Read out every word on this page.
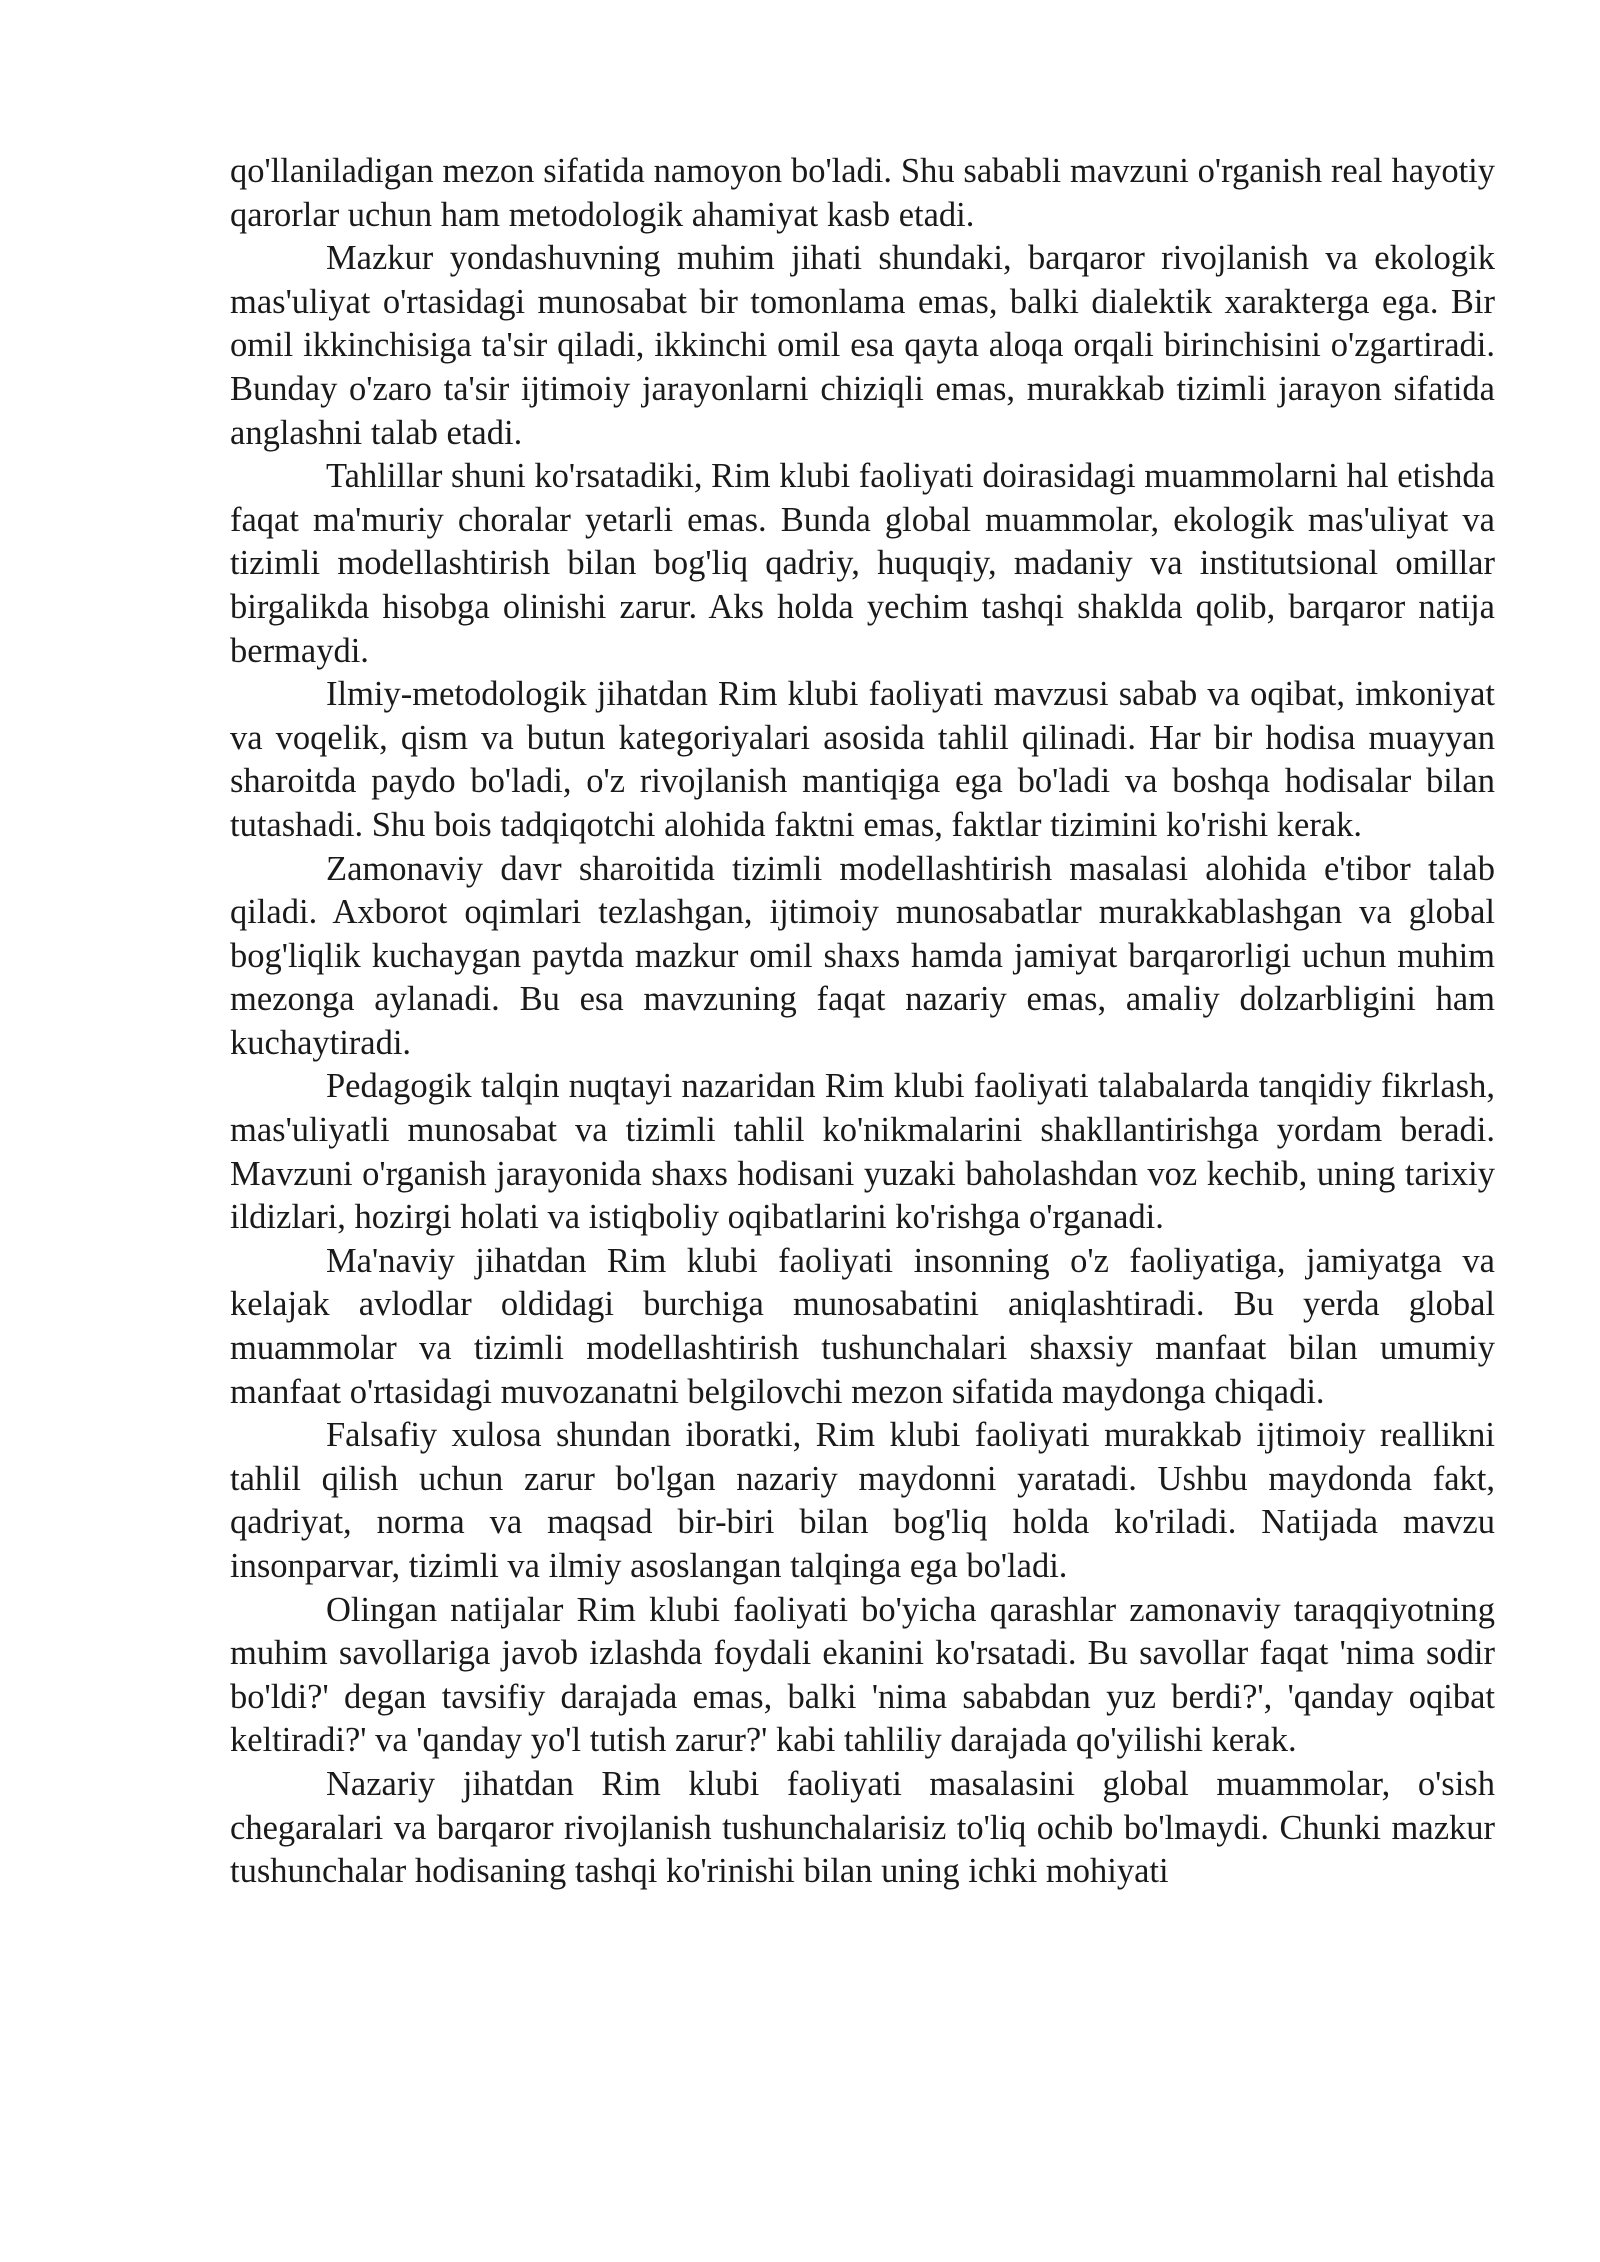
qo'llaniladigan mezon sifatida namoyon bo'ladi. Shu sababli mavzuni o'rganish real hayotiy qarorlar uchun ham metodologik ahamiyat kasb etadi.

Mazkur yondashuvning muhim jihati shundaki, barqaror rivojlanish va ekologik mas'uliyat o'rtasidagi munosabat bir tomonlama emas, balki dialektik xarakterga ega. Bir omil ikkinchisiga ta'sir qiladi, ikkinchi omil esa qayta aloqa orqali birinchisini o'zgartiradi. Bunday o'zaro ta'sir ijtimoiy jarayonlarni chiziqli emas, murakkab tizimli jarayon sifatida anglashni talab etadi.

Tahlillar shuni ko'rsatadiki, Rim klubi faoliyati doirasidagi muammolarni hal etishda faqat ma'muriy choralar yetarli emas. Bunda global muammolar, ekologik mas'uliyat va tizimli modellashtirish bilan bog'liq qadriy, huquqiy, madaniy va institutsional omillar birgalikda hisobga olinishi zarur. Aks holda yechim tashqi shaklda qolib, barqaror natija bermaydi.

Ilmiy-metodologik jihatdan Rim klubi faoliyati mavzusi sabab va oqibat, imkoniyat va voqelik, qism va butun kategoriyalari asosida tahlil qilinadi. Har bir hodisa muayyan sharoitda paydo bo'ladi, o'z rivojlanish mantiqiga ega bo'ladi va boshqa hodisalar bilan tutashadi. Shu bois tadqiqotchi alohida faktni emas, faktlar tizimini ko'rishi kerak.

Zamonaviy davr sharoitida tizimli modellashtirish masalasi alohida e'tibor talab qiladi. Axborot oqimlari tezlashgan, ijtimoiy munosabatlar murakkablashgan va global bog'liqlik kuchaygan paytda mazkur omil shaxs hamda jamiyat barqarorligi uchun muhim mezonga aylanadi. Bu esa mavzuning faqat nazariy emas, amaliy dolzarbligini ham kuchaytiradi.

Pedagogik talqin nuqtayi nazaridan Rim klubi faoliyati talabalarda tanqidiy fikrlash, mas'uliyatli munosabat va tizimli tahlil ko'nikmalarini shakllantirishga yordam beradi. Mavzuni o'rganish jarayonida shaxs hodisani yuzaki baholashdan voz kechib, uning tarixiy ildizlari, hozirgi holati va istiqboliy oqibatlarini ko'rishga o'rganadi.

Ma'naviy jihatdan Rim klubi faoliyati insonning o'z faoliyatiga, jamiyatga va kelajak avlodlar oldidagi burchiga munosabatini aniqlashtiradi. Bu yerda global muammolar va tizimli modellashtirish tushunchalari shaxsiy manfaat bilan umumiy manfaat o'rtasidagi muvozanatni belgilovchi mezon sifatida maydonga chiqadi.

Falsafiy xulosa shundan iboratki, Rim klubi faoliyati murakkab ijtimoiy reallikni tahlil qilish uchun zarur bo'lgan nazariy maydonni yaratadi. Ushbu maydonda fakt, qadriyat, norma va maqsad bir-biri bilan bog'liq holda ko'riladi. Natijada mavzu insonparvar, tizimli va ilmiy asoslangan talqinga ega bo'ladi.

Olingan natijalar Rim klubi faoliyati bo'yicha qarashlar zamonaviy taraqqiyotning muhim savollariga javob izlashda foydali ekanini ko'rsatadi. Bu savollar faqat 'nima sodir bo'ldi?' degan tavsifiy darajada emas, balki 'nima sababdan yuz berdi?', 'qanday oqibat keltiradi?' va 'qanday yo'l tutish zarur?' kabi tahliliy darajada qo'yilishi kerak.

Nazariy jihatdan Rim klubi faoliyati masalasini global muammolar, o'sish chegaralari va barqaror rivojlanish tushunchalarisiz to'liq ochib bo'lmaydi. Chunki mazkur tushunchalar hodisaning tashqi ko'rinishi bilan uning ichki mohiyati
